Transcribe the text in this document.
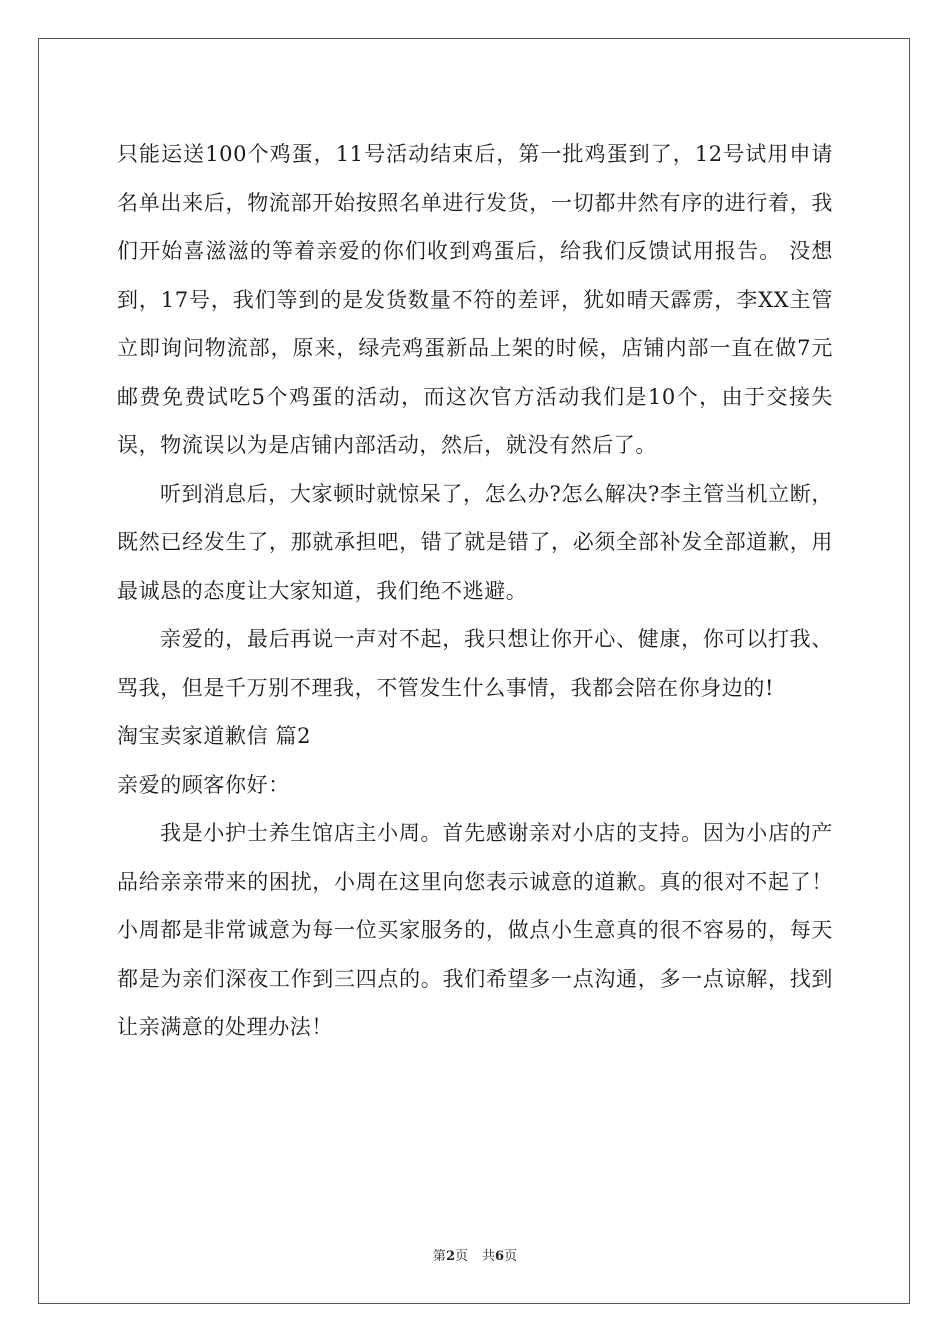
只能运送100个鸡蛋，11号活动结束后，第一批鸡蛋到了，12号试用申请名单出来后，物流部开始按照名单进行发货，一切都井然有序的进行着，我们开始喜滋滋的等着亲爱的你们收到鸡蛋后，给我们反馈试用报告。 没想到，17号，我们等到的是发货数量不符的差评，犹如晴天霹雳，李XX主管立即询问物流部，原来，绿壳鸡蛋新品上架的时候，店铺内部一直在做7元邮费免费试吃5个鸡蛋的活动，而这次官方活动我们是10个，由于交接失误，物流误以为是店铺内部活动，然后，就没有然后了。

听到消息后，大家顿时就惊呆了，怎么办?怎么解决?李主管当机立断，既然已经发生了，那就承担吧，错了就是错了，必须全部补发全部道歉，用最诚恳的态度让大家知道，我们绝不逃避。

亲爱的，最后再说一声对不起，我只想让你开心、健康，你可以打我、骂我，但是千万别不理我，不管发生什么事情，我都会陪在你身边的!

淘宝卖家道歉信 篇2

亲爱的顾客你好：

我是小护士养生馆店主小周。首先感谢亲对小店的支持。因为小店的产品给亲亲带来的困扰，小周在这里向您表示诚意的道歉。真的很对不起了！小周都是非常诚意为每一位买家服务的，做点小生意真的很不容易的，每天都是为亲们深夜工作到三四点的。我们希望多一点沟通，多一点谅解，找到让亲满意的处理办法！

第2页 共6页
